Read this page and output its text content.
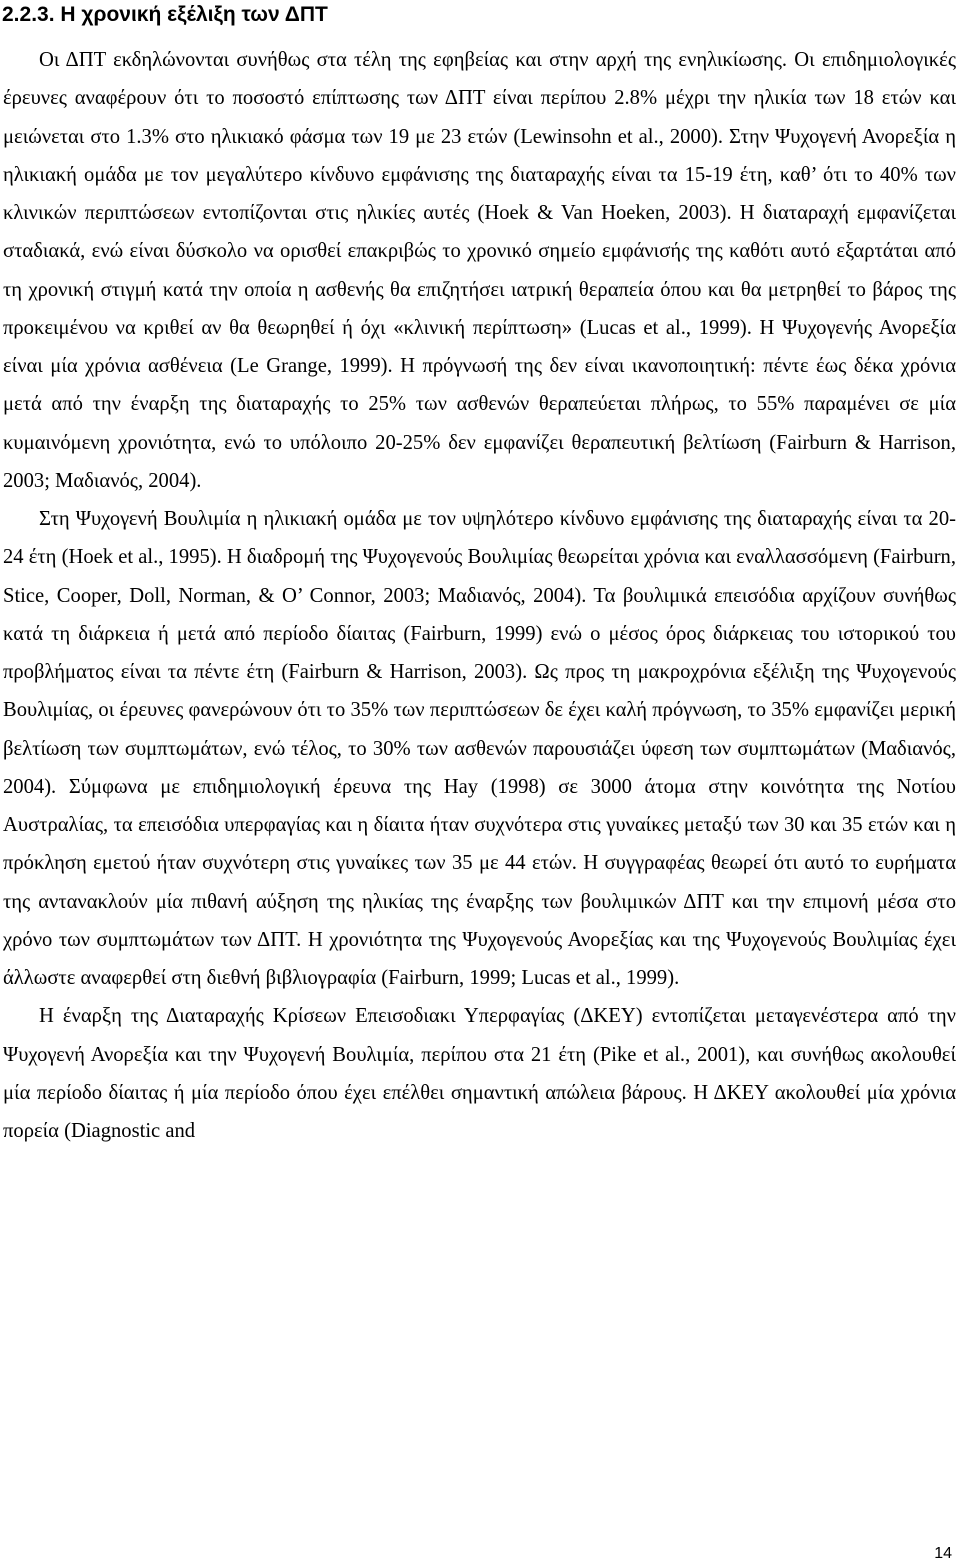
2.2.3. Η χρονική εξέλιξη των ΔΠΤ

Οι ΔΠΤ εκδηλώνονται συνήθως στα τέλη της εφηβείας και στην αρχή της ενηλικίωσης. Οι επιδημιολογικές έρευνες αναφέρουν ότι το ποσοστό επίπτωσης των ΔΠΤ είναι περίπου 2.8% μέχρι την ηλικία των 18 ετών και μειώνεται στο 1.3% στο ηλικιακό φάσμα των 19 με 23 ετών (Lewinsohn et al., 2000). Στην Ψυχογενή Ανορεξία η ηλικιακή ομάδα με τον μεγαλύτερο κίνδυνο εμφάνισης της διαταραχής είναι τα 15-19 έτη, καθ’ ότι το 40% των κλινικών περιπτώσεων εντοπίζονται στις ηλικίες αυτές (Hoek & Van Hoeken, 2003). Η διαταραχή εμφανίζεται σταδιακά, ενώ είναι δύσκολο να ορισθεί επακριβώς το χρονικό σημείο εμφάνισής της καθότι αυτό εξαρτάται από τη χρονική στιγμή κατά την οποία η ασθενής θα επιζητήσει ιατρική θεραπεία όπου και θα μετρηθεί το βάρος της προκειμένου να κριθεί αν θα θεωρηθεί ή όχι «κλινική περίπτωση» (Lucas et al., 1999). Η Ψυχογενής Ανορεξία είναι μία χρόνια ασθένεια (Le Grange, 1999). Η πρόγνωσή της δεν είναι ικανοποιητική: πέντε έως δέκα χρόνια μετά από την έναρξη της διαταραχής το 25% των ασθενών θεραπεύεται πλήρως, το 55% παραμένει σε μία κυμαινόμενη χρονιότητα, ενώ το υπόλοιπο 20-25% δεν εμφανίζει θεραπευτική βελτίωση (Fairburn & Harrison, 2003; Μαδιανός, 2004).

Στη Ψυχογενή Βουλιμία η ηλικιακή ομάδα με τον υψηλότερο κίνδυνο εμφάνισης της διαταραχής είναι τα 20-24 έτη (Hoek et al., 1995). Η διαδρομή της Ψυχογενούς Βουλιμίας θεωρείται χρόνια και εναλλασσόμενη (Fairburn, Stice, Cooper, Doll, Norman, & O’ Connor, 2003; Μαδιανός, 2004). Τα βουλιμικά επεισόδια αρχίζουν συνήθως κατά τη διάρκεια ή μετά από περίοδο δίαιτας (Fairburn, 1999) ενώ ο μέσος όρος διάρκειας του ιστορικού του προβλήματος είναι τα πέντε έτη (Fairburn & Harrison, 2003). Ως προς τη μακροχρόνια εξέλιξη της Ψυχογενούς Βουλιμίας, οι έρευνες φανερώνουν ότι το 35% των περιπτώσεων δε έχει καλή πρόγνωση, το 35% εμφανίζει μερική βελτίωση των συμπτωμάτων, ενώ τέλος, το 30% των ασθενών παρουσιάζει ύφεση των συμπτωμάτων (Μαδιανός, 2004). Σύμφωνα με επιδημιολογική έρευνα της Hay (1998) σε 3000 άτομα στην κοινότητα της Νοτίου Αυστραλίας, τα επεισόδια υπερφαγίας και η δίαιτα ήταν συχνότερα στις γυναίκες μεταξύ των 30 και 35 ετών και η πρόκληση εμετού ήταν συχνότερη στις γυναίκες των 35 με 44 ετών. Η συγγραφέας θεωρεί ότι αυτό το ευρήματα της αντανακλούν μία πιθανή αύξηση της ηλικίας της έναρξης των βουλιμικών ΔΠΤ και την επιμονή μέσα στο χρόνο των συμπτωμάτων των ΔΠΤ. Η χρονιότητα της Ψυχογενούς Ανορεξίας και της Ψυχογενούς Βουλιμίας έχει άλλωστε αναφερθεί στη διεθνή βιβλιογραφία (Fairburn, 1999; Lucas et al., 1999).

Η έναρξη της Διαταραχής Κρίσεων Επεισοδιακι Υπερφαγίας (ΔΚΕΥ) εντοπίζεται μεταγενέστερα από την Ψυχογενή Ανορεξία και την Ψυχογενή Βουλιμία, περίπου στα 21 έτη (Pike et al., 2001), και συνήθως ακολουθεί μία περίοδο δίαιτας ή μία περίοδο όπου έχει επέλθει σημαντική απώλεια βάρους. Η ΔΚΕΥ ακολουθεί μία χρόνια πορεία (Diagnostic and

14
